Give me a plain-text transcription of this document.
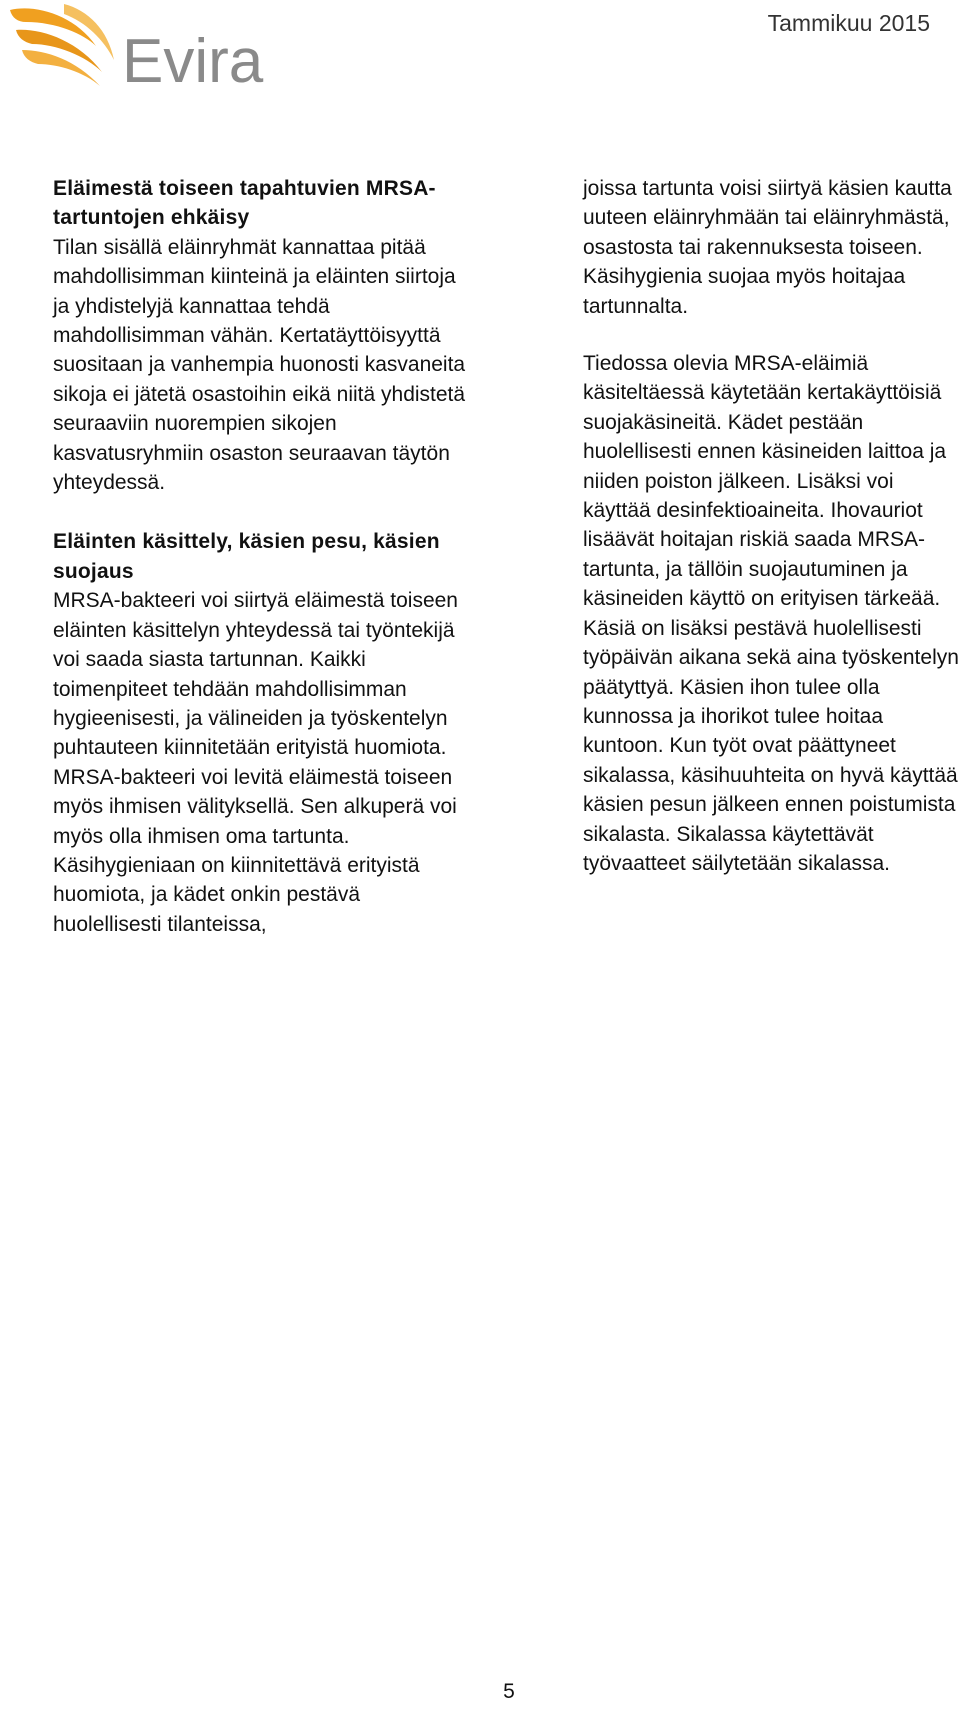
Evira
Tammikuu 2015

Eläimestä toiseen tapahtuvien MRSA-tartuntojen ehkäisy

Tilan sisällä eläinryhmät kannattaa pitää mahdollisimman kiinteinä ja eläinten siirtoja ja yhdistelyjä kannattaa tehdä mahdollisimman vähän. Kertatäyttöisyyttä suositaan ja vanhempia huonosti kasvaneita sikoja ei jätetä osastoihin eikä niitä yhdistetä seuraaviin nuorempien sikojen kasvatusryhmiin osaston seuraavan täytön yhteydessä.

Eläinten käsittely, käsien pesu, käsien suojaus

MRSA-bakteeri voi siirtyä eläimestä toiseen eläinten käsittelyn yhteydessä tai työntekijä voi saada siasta tartunnan. Kaikki toimenpiteet tehdään mahdollisimman hygieenisesti, ja välineiden ja työskentelyn puhtauteen kiinnitetään erityistä huomiota. MRSA-bakteeri voi levitä eläimestä toiseen myös ihmisen välityksellä. Sen alkuperä voi myös olla ihmisen oma tartunta. Käsihygieniaan on kiinnitettävä erityistä huomiota, ja kädet onkin pestävä huolellisesti tilanteissa,

joissa tartunta voisi siirtyä käsien kautta uuteen eläinryhmään tai eläinryhmästä, osastosta tai rakennuksesta toiseen. Käsihygienia suojaa myös hoitajaa tartunnalta.

Tiedossa olevia MRSA-eläimiä käsiteltäessä käytetään kertakäyttöisiä suojakäsineitä. Kädet pestään huolellisesti ennen käsineiden laittoa ja niiden poiston jälkeen. Lisäksi voi käyttää desinfektioaineita. Ihovauriot lisäävät hoitajan riskiä saada MRSA-tartunta, ja tällöin suojautuminen ja käsineiden käyttö on erityisen tärkeää. Käsiä on lisäksi pestävä huolellisesti työpäivän aikana sekä aina työskentelyn päätyttyä. Käsien ihon tulee olla kunnossa ja ihorikot tulee hoitaa kuntoon. Kun työt ovat päättyneet sikalassa, käsihuuhteita on hyvä käyttää käsien pesun jälkeen ennen poistumista sikalasta. Sikalassa käytettävät työvaatteet säilytetään sikalassa.

5
